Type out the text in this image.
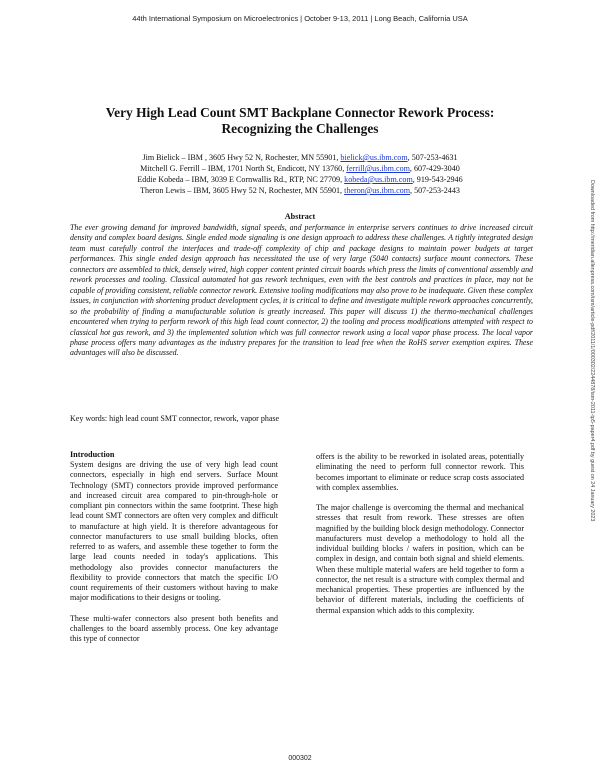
44th International Symposium on Microelectronics | October 9-13, 2011 | Long Beach, California USA
Downloaded from http://meridian.allenpress.com/ism/article-pdf/2011/1/000302/2244878/ism-2011-tp5-paper4.pdf by guest on 24 January 2023
Very High Lead Count SMT Backplane Connector Rework Process:
Recognizing the Challenges
Jim Bielick – IBM , 3605 Hwy 52 N, Rochester, MN 55901, bielick@us.ibm.com, 507-253-4631
Mitchell G. Ferrill – IBM, 1701 North St, Endicott, NY 13760, ferrill@us.ibm.com, 607-429-3040
Eddie Kobeda – IBM, 3039 E Cornwallis Rd., RTP, NC 27709, kobeda@us.ibm.com, 919-543-2946
Theron Lewis – IBM, 3605 Hwy 52 N, Rochester, MN 55901, theron@us.ibm.com, 507-253-2443
Abstract
The ever growing demand for improved bandwidth, signal speeds, and performance in enterprise servers continues to drive increased circuit density and complex board designs. Single ended mode signaling is one design approach to address these challenges. A tightly integrated design team must carefully control the interfaces and trade-off complexity of chip and package designs to maintain power budgets at target performances. This single ended design approach has necessitated the use of very large (5040 contacts) surface mount connectors. These connectors are assembled to thick, densely wired, high copper content printed circuit boards which press the limits of conventional assembly and rework processes and tooling. Classical automated hot gas rework techniques, even with the best controls and practices in place, may not be capable of providing consistent, reliable connector rework. Extensive tooling modifications may also prove to be inadequate. Given these complex issues, in conjunction with shortening product development cycles, it is critical to define and investigate multiple rework approaches concurrently, so the probability of finding a manufacturable solution is greatly increased. This paper will discuss 1) the thermo-mechanical challenges encountered when trying to perform rework of this high lead count connector, 2) the tooling and process modifications attempted with respect to classical hot gas rework, and 3) the implemented solution which was full connector rework using a local vapor phase process. The local vapor phase process offers many advantages as the industry prepares for the transition to lead free when the RoHS server exemption expires. These advantages will also be discussed.
Key words: high lead count SMT connector, rework, vapor phase
Introduction

System designs are driving the use of very high lead count connectors, especially in high end servers. Surface Mount Technology (SMT) connectors provide improved performance and increased circuit area compared to pin-through-hole or compliant pin connectors within the same footprint. These high lead count SMT connectors are often very complex and difficult to manufacture at high yield. It is therefore advantageous for connector manufacturers to use small building blocks, often referred to as wafers, and assemble these together to form the large lead counts needed in today's applications. This methodology also provides connector manufacturers the flexibility to provide connectors that match the specific I/O count requirements of their customers without having to make major modifications to their designs or tooling.

These multi-wafer connectors also present both benefits and challenges to the board assembly process. One key advantage this type of connector

offers is the ability to be reworked in isolated areas, potentially eliminating the need to perform full connector rework. This becomes important to eliminate or reduce scrap costs associated with complex assemblies.

The major challenge is overcoming the thermal and mechanical stresses that result from rework. These stresses are often magnified by the building block design methodology. Connector manufacturers must develop a methodology to hold all the individual building blocks / wafers in position, which can be complex in design, and contain both signal and shield elements. When these multiple material wafers are held together to form a connector, the net result is a structure with complex thermal and mechanical properties. These properties are influenced by the behavior of different materials, including the coefficients of thermal expansion which adds to this complexity.

000302
